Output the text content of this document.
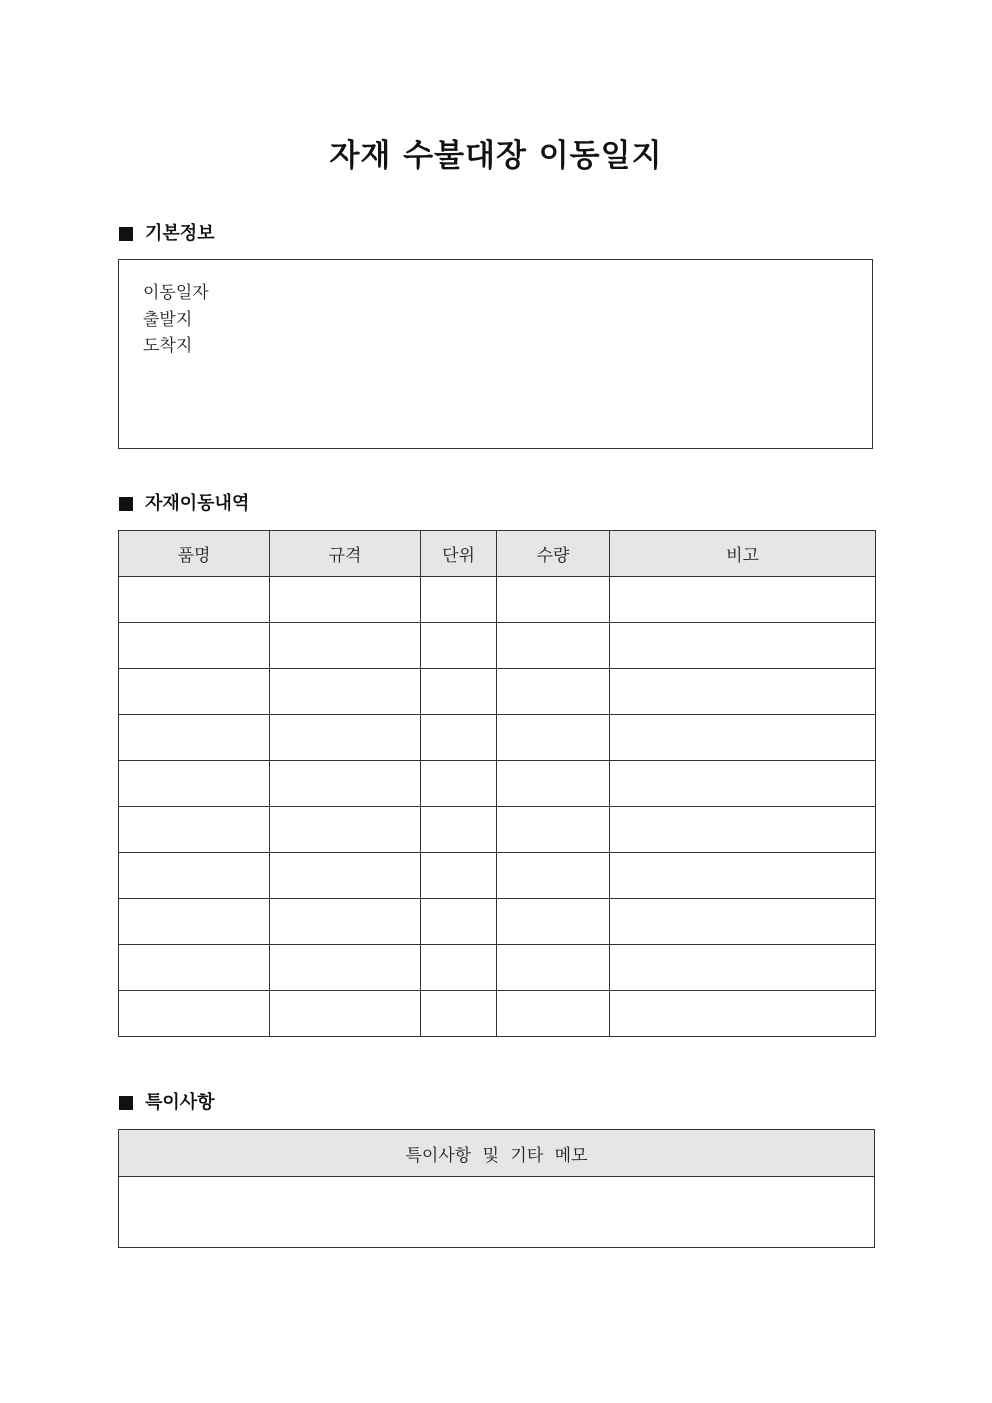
자재 수불대장 이동일지
기본정보
이동일자
출발지
도착지
자재이동내역
품명	규격	단위	수량	비고

특이사항
특이사항 및 기타 메모
